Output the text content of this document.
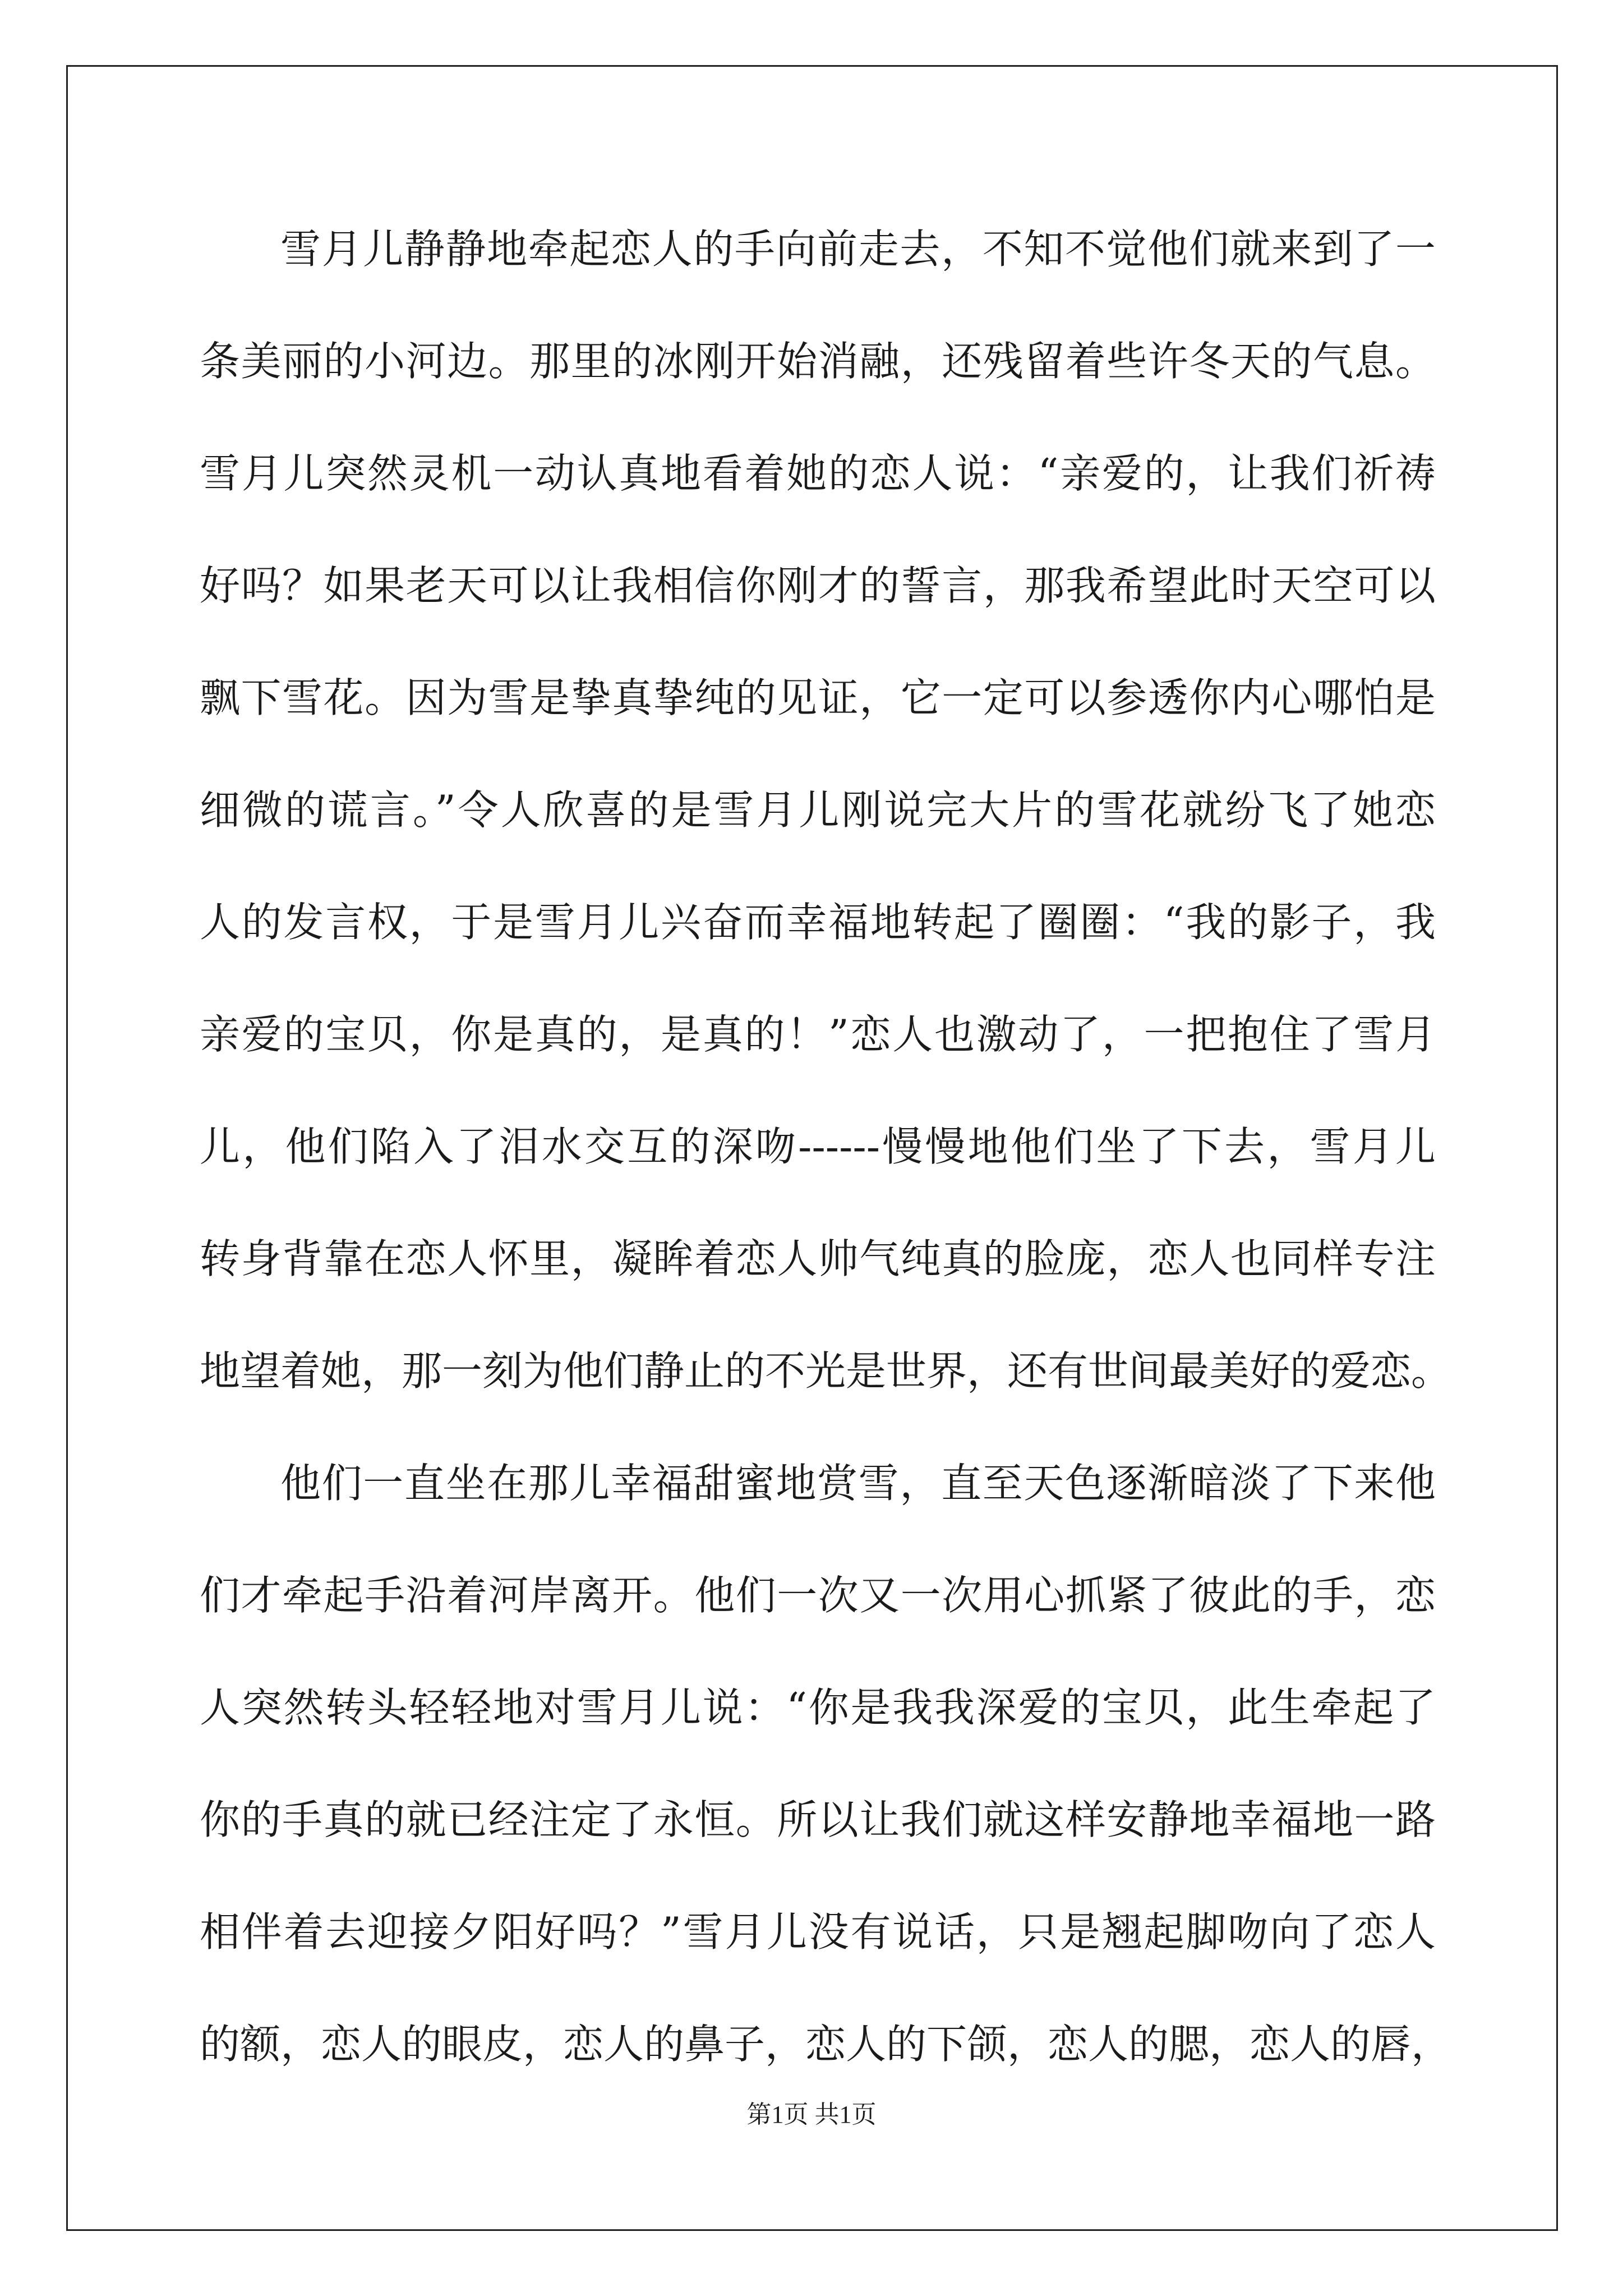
雪月儿静静地牵起恋人的手向前走去，不知不觉他们就来到了一
条美丽的小河边。那里的冰刚开始消融，还残留着些许冬天的气息。
雪月儿突然灵机一动认真地看着她的恋人说：“亲爱的，让我们祈祷
好吗？如果老天可以让我相信你刚才的誓言，那我希望此时天空可以
飘下雪花。因为雪是挚真挚纯的见证，它一定可以参透你内心哪怕是
细微的谎言。”令人欣喜的是雪月儿刚说完大片的雪花就纷飞了她恋
人的发言权，于是雪月儿兴奋而幸福地转起了圈圈：“我的影子，我
亲爱的宝贝，你是真的，是真的！”恋人也激动了，一把抱住了雪月
儿，他们陷入了泪水交互的深吻------慢慢地他们坐了下去，雪月儿
转身背靠在恋人怀里，凝眸着恋人帅气纯真的脸庞，恋人也同样专注
地望着她，那一刻为他们静止的不光是世界，还有世间最美好的爱恋。
他们一直坐在那儿幸福甜蜜地赏雪，直至天色逐渐暗淡了下来他
们才牵起手沿着河岸离开。他们一次又一次用心抓紧了彼此的手，恋
人突然转头轻轻地对雪月儿说：“你是我我深爱的宝贝，此生牵起了
你的手真的就已经注定了永恒。所以让我们就这样安静地幸福地一路
相伴着去迎接夕阳好吗？”雪月儿没有说话，只是翘起脚吻向了恋人
的额，恋人的眼皮，恋人的鼻子，恋人的下颌，恋人的腮，恋人的唇，
第1页 共1页
